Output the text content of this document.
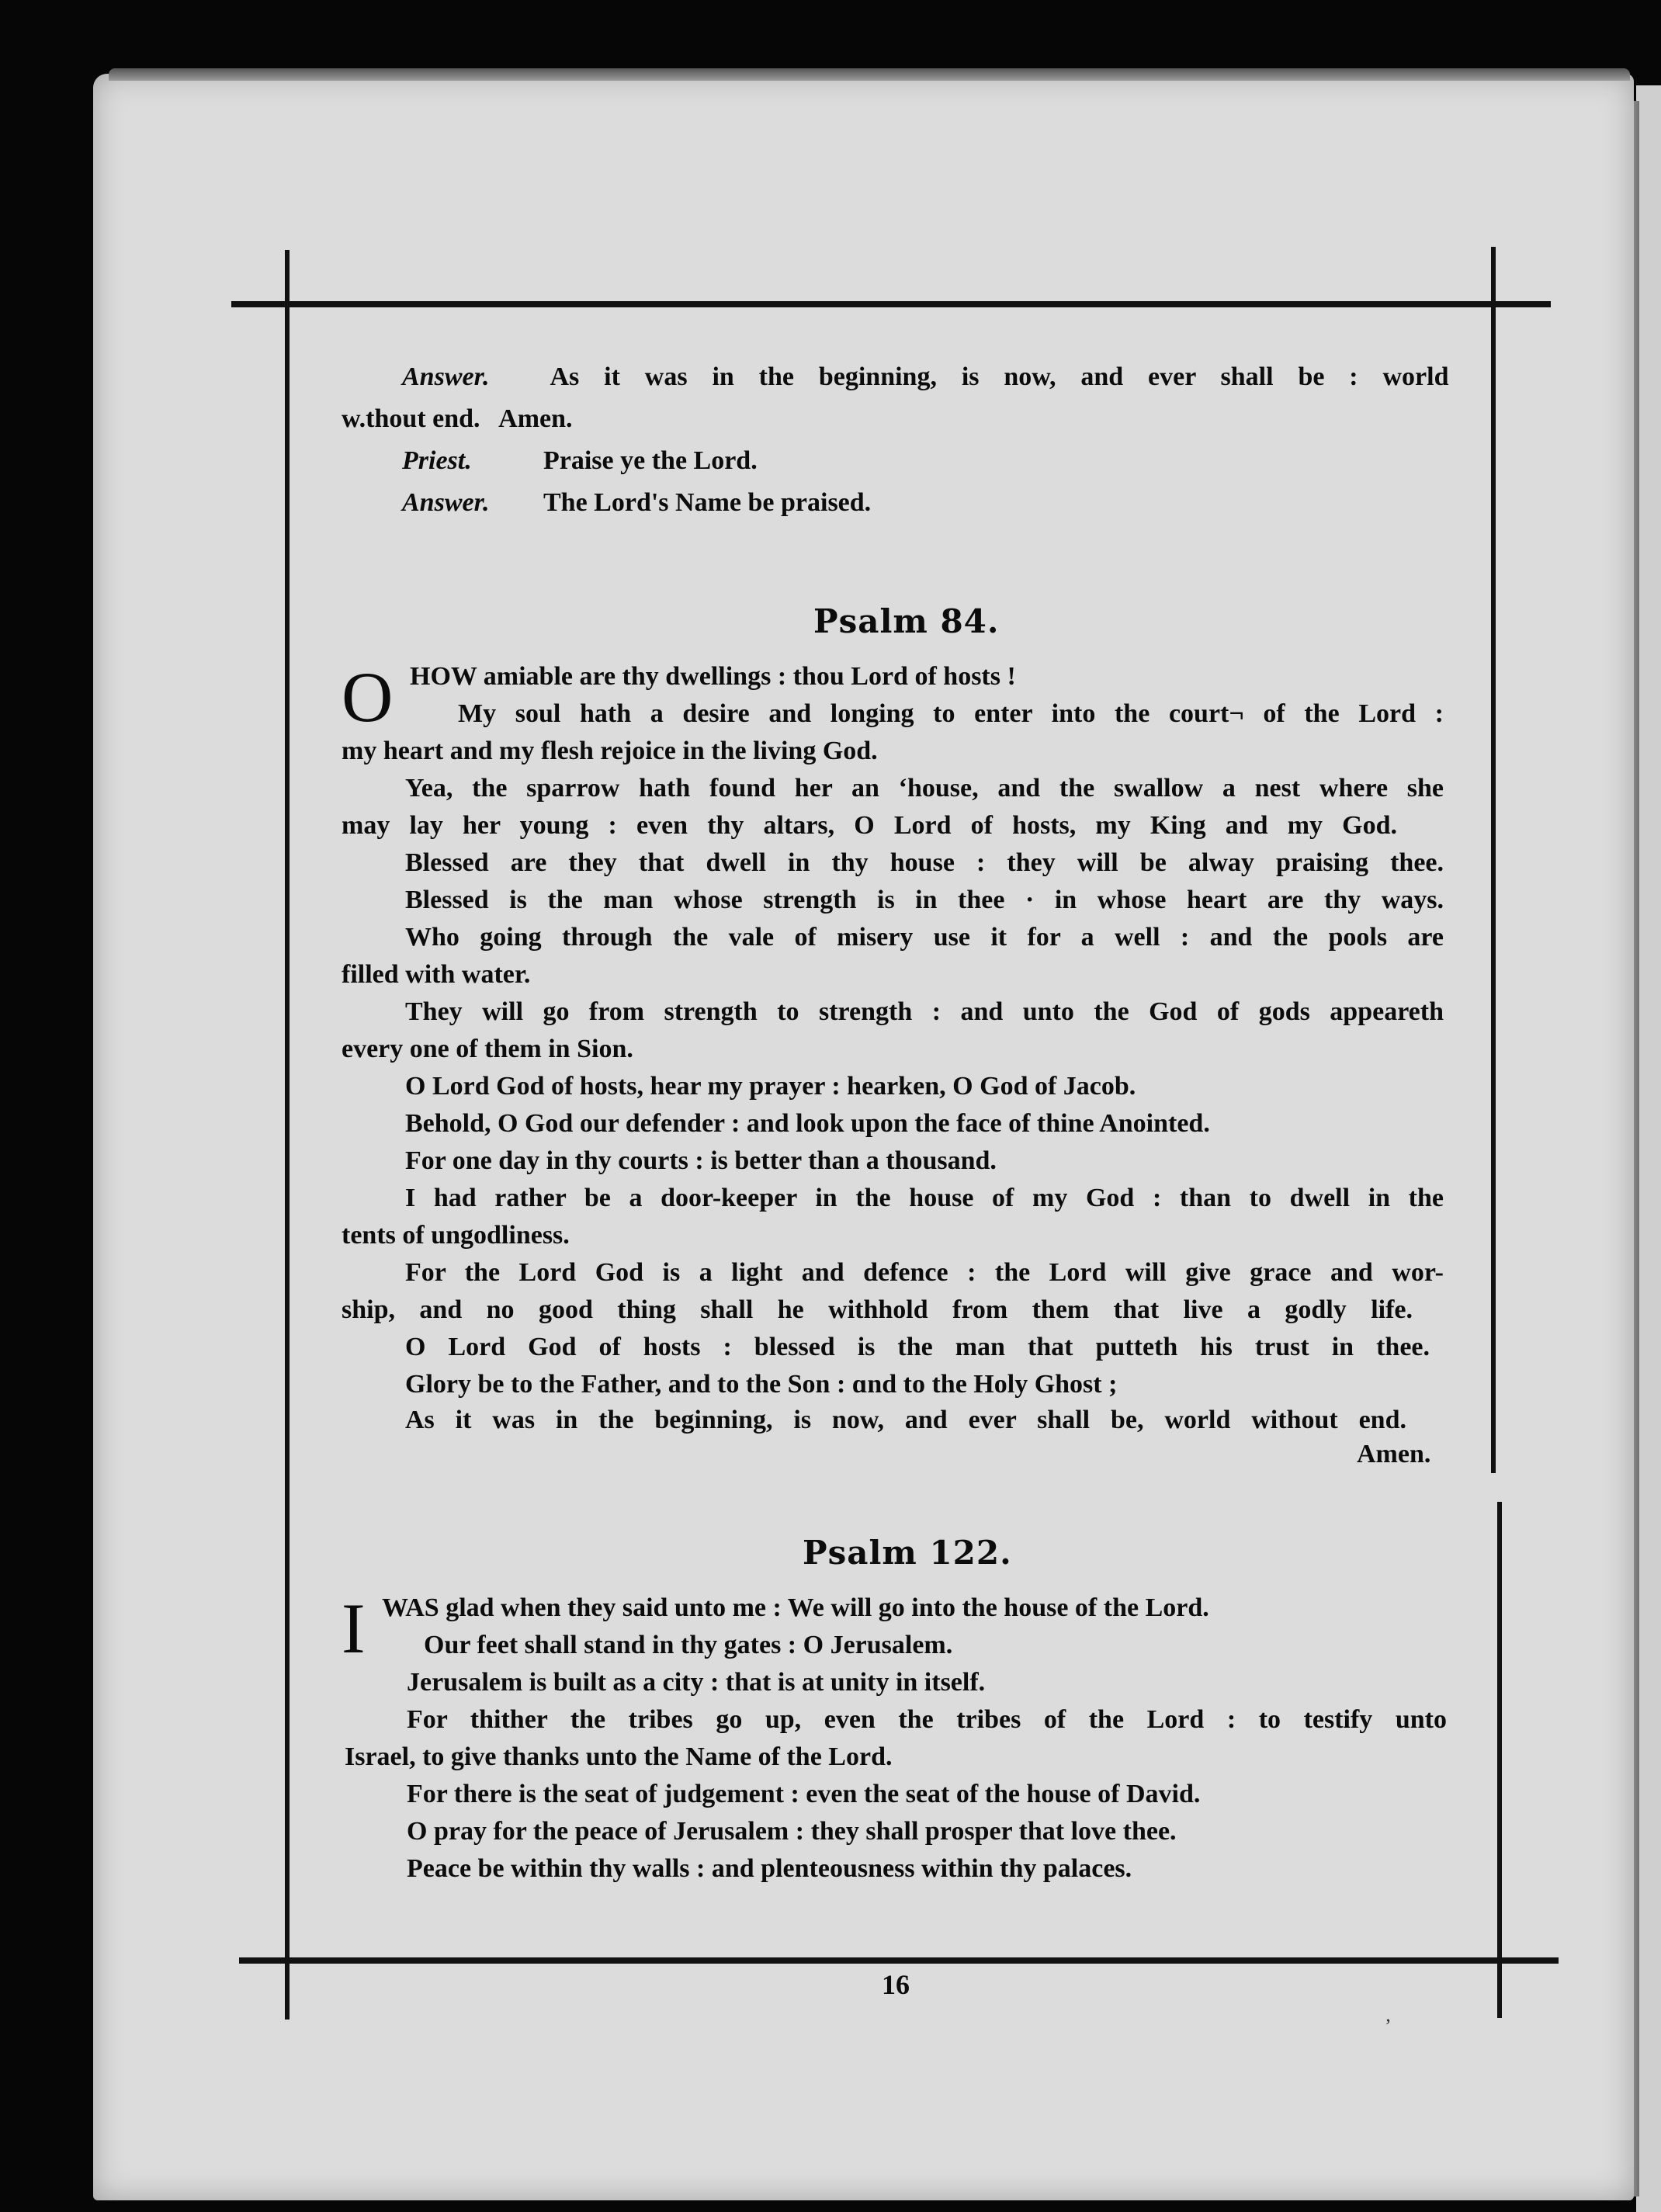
Answer. As it was in the beginning, is now, and ever shall be : world
w.thout end.   Amen.
Priest.	Praise ye the Lord.
Answer. The Lord's Name be praised.
Psalm 84.
O HOW amiable are thy dwellings : thou Lord of hosts !
My soul hath a desire and longing to enter into the court¬ of the Lord :
my heart and my flesh rejoice in the living God.
Yea, the sparrow hath found her an ʻhouse, and the swallow a nest where she
may lay her young : even thy altars, O Lord of hosts, my King and my God.
Blessed are they that dwell in thy house : they will be alway praising thee.
Blessed is the man whose strength is in thee · in whose heart are thy ways.
Who going through the vale of misery use it for a well : and the pools are
filled with water.
They will go from strength to strength : and unto the God of gods appeareth
every one of them in Sion.
O Lord God of hosts, hear my prayer : hearken, O God of Jacob.
Behold, O God our defender : and look upon the face of thine Anointed.
For one day in thy courts : is better than a thousand.
I had rather be a door-keeper in the house of my God : than to dwell in the
tents of ungodliness.
For the Lord God is a light and defence : the Lord will give grace and wor-
ship, and no good thing shall he withhold from them that live a godly life.
O Lord God of hosts : blessed is the man that putteth his trust in thee.
Glory be to the Father, and to the Son : ɑnd to the Holy Ghost ;
As it was in the beginning, is now, and ever shall be, world without end.
Amen.
Psalm 122.
I WAS glad when they said unto me : We will go into the house of the Lord.
Our feet shall stand in thy gates : O Jerusalem.
Jerusalem is built as a city : that is at unity in itself.
For thither the tribes go up, even the tribes of the Lord : to testify unto
Israel, to give thanks unto the Name of the Lord.
For there is the seat of judgement : even the seat of the house of David.
O pray for the peace of Jerusalem : they shall prosper that love thee.
Peace be within thy walls : and plenteousness within thy palaces.
16
ʼ
